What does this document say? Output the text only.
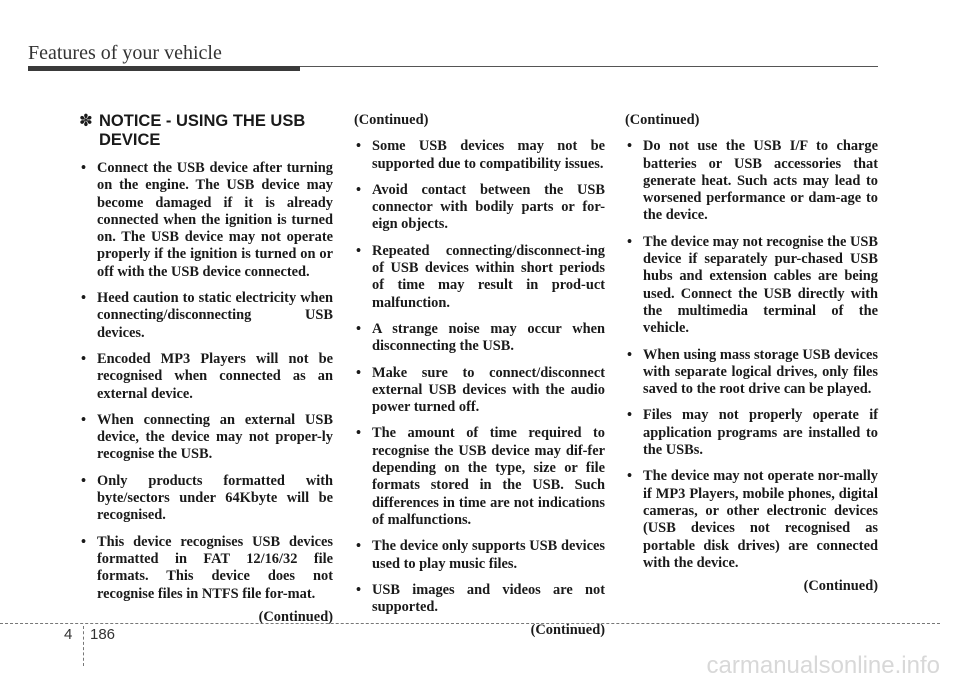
Features of your vehicle
✽ NOTICE - USING THE USB DEVICE
• Connect the USB device after turning on the engine. The USB device may become damaged if it is already connected when the ignition is turned on. The USB device may not operate properly if the ignition is turned on or off with the USB device connected.
• Heed caution to static electricity when connecting/disconnecting USB devices.
• Encoded MP3 Players will not be recognised when connected as an external device.
• When connecting an external USB device, the device may not proper-ly recognise the USB.
• Only products formatted with byte/sectors under 64Kbyte will be recognised.
• This device recognises USB devices formatted in FAT 12/16/32 file formats. This device does not recognise files in NTFS file for-mat.
(Continued)
(Continued)
• Some USB devices may not be supported due to compatibility issues.
• Avoid contact between the USB connector with bodily parts or for-eign objects.
• Repeated connecting/disconnect-ing of USB devices within short periods of time may result in prod-uct malfunction.
• A strange noise may occur when disconnecting the USB.
• Make sure to connect/disconnect external USB devices with the audio power turned off.
• The amount of time required to recognise the USB device may dif-fer depending on the type, size or file formats stored in the USB. Such differences in time are not indications of malfunctions.
• The device only supports USB devices used to play music files.
• USB images and videos are not supported.
(Continued)
(Continued)
• Do not use the USB I/F to charge batteries or USB accessories that generate heat. Such acts may lead to worsened performance or dam-age to the device.
• The device may not recognise the USB device if separately pur-chased USB hubs and extension cables are being used. Connect the USB directly with the multimedia terminal of the vehicle.
• When using mass storage USB devices with separate logical drives, only files saved to the root drive can be played.
• Files may not properly operate if application programs are installed to the USBs.
• The device may not operate nor-mally if MP3 Players, mobile phones, digital cameras, or other electronic devices (USB devices not recognised as portable disk drives) are connected with the device.
(Continued)
4 186
carmanualsonline.info
